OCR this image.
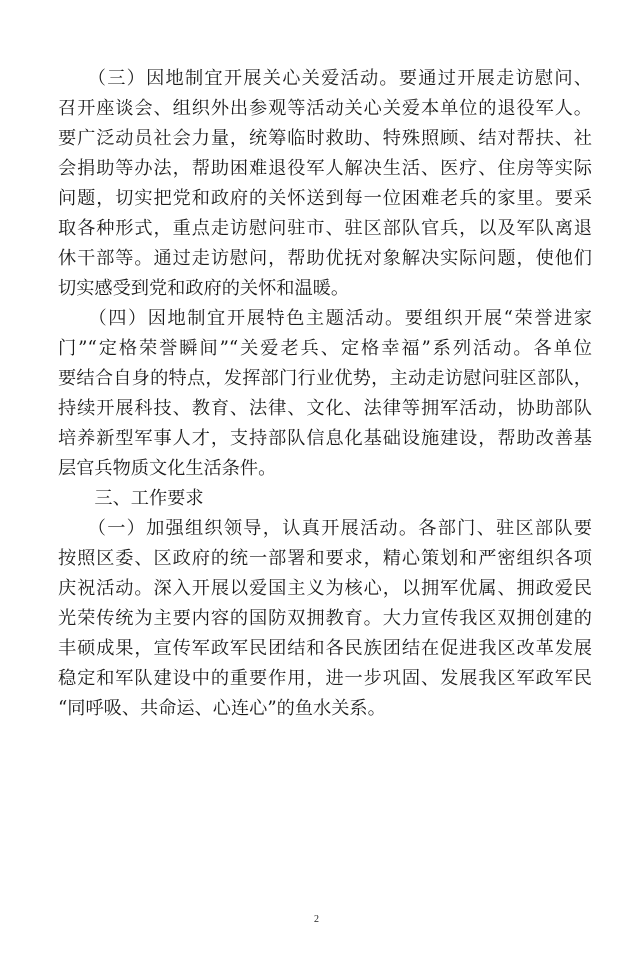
　　（三）因地制宜开展关心关爱活动。要通过开展走访慰问、
召开座谈会、组织外出参观等活动关心关爱本单位的退役军人。
要广泛动员社会力量，统筹临时救助、特殊照顾、结对帮扶、社
会捐助等办法，帮助困难退役军人解决生活、医疗、住房等实际
问题，切实把党和政府的关怀送到每一位困难老兵的家里。要采
取各种形式，重点走访慰问驻市、驻区部队官兵，以及军队离退
休干部等。通过走访慰问，帮助优抚对象解决实际问题，使他们
切实感受到党和政府的关怀和温暖。
　　（四）因地制宜开展特色主题活动。要组织开展“荣誉进家
门”“定格荣誉瞬间”“关爱老兵、定格幸福”系列活动。各单位
要结合自身的特点，发挥部门行业优势，主动走访慰问驻区部队，
持续开展科技、教育、法律、文化、法律等拥军活动，协助部队
培养新型军事人才，支持部队信息化基础设施建设，帮助改善基
层官兵物质文化生活条件。
　　三、工作要求
　　（一）加强组织领导，认真开展活动。各部门、驻区部队要
按照区委、区政府的统一部署和要求，精心策划和严密组织各项
庆祝活动。深入开展以爱国主义为核心，以拥军优属、拥政爱民
光荣传统为主要内容的国防双拥教育。大力宣传我区双拥创建的
丰硕成果，宣传军政军民团结和各民族团结在促进我区改革发展
稳定和军队建设中的重要作用，进一步巩固、发展我区军政军民
“同呼吸、共命运、心连心”的鱼水关系。
2
